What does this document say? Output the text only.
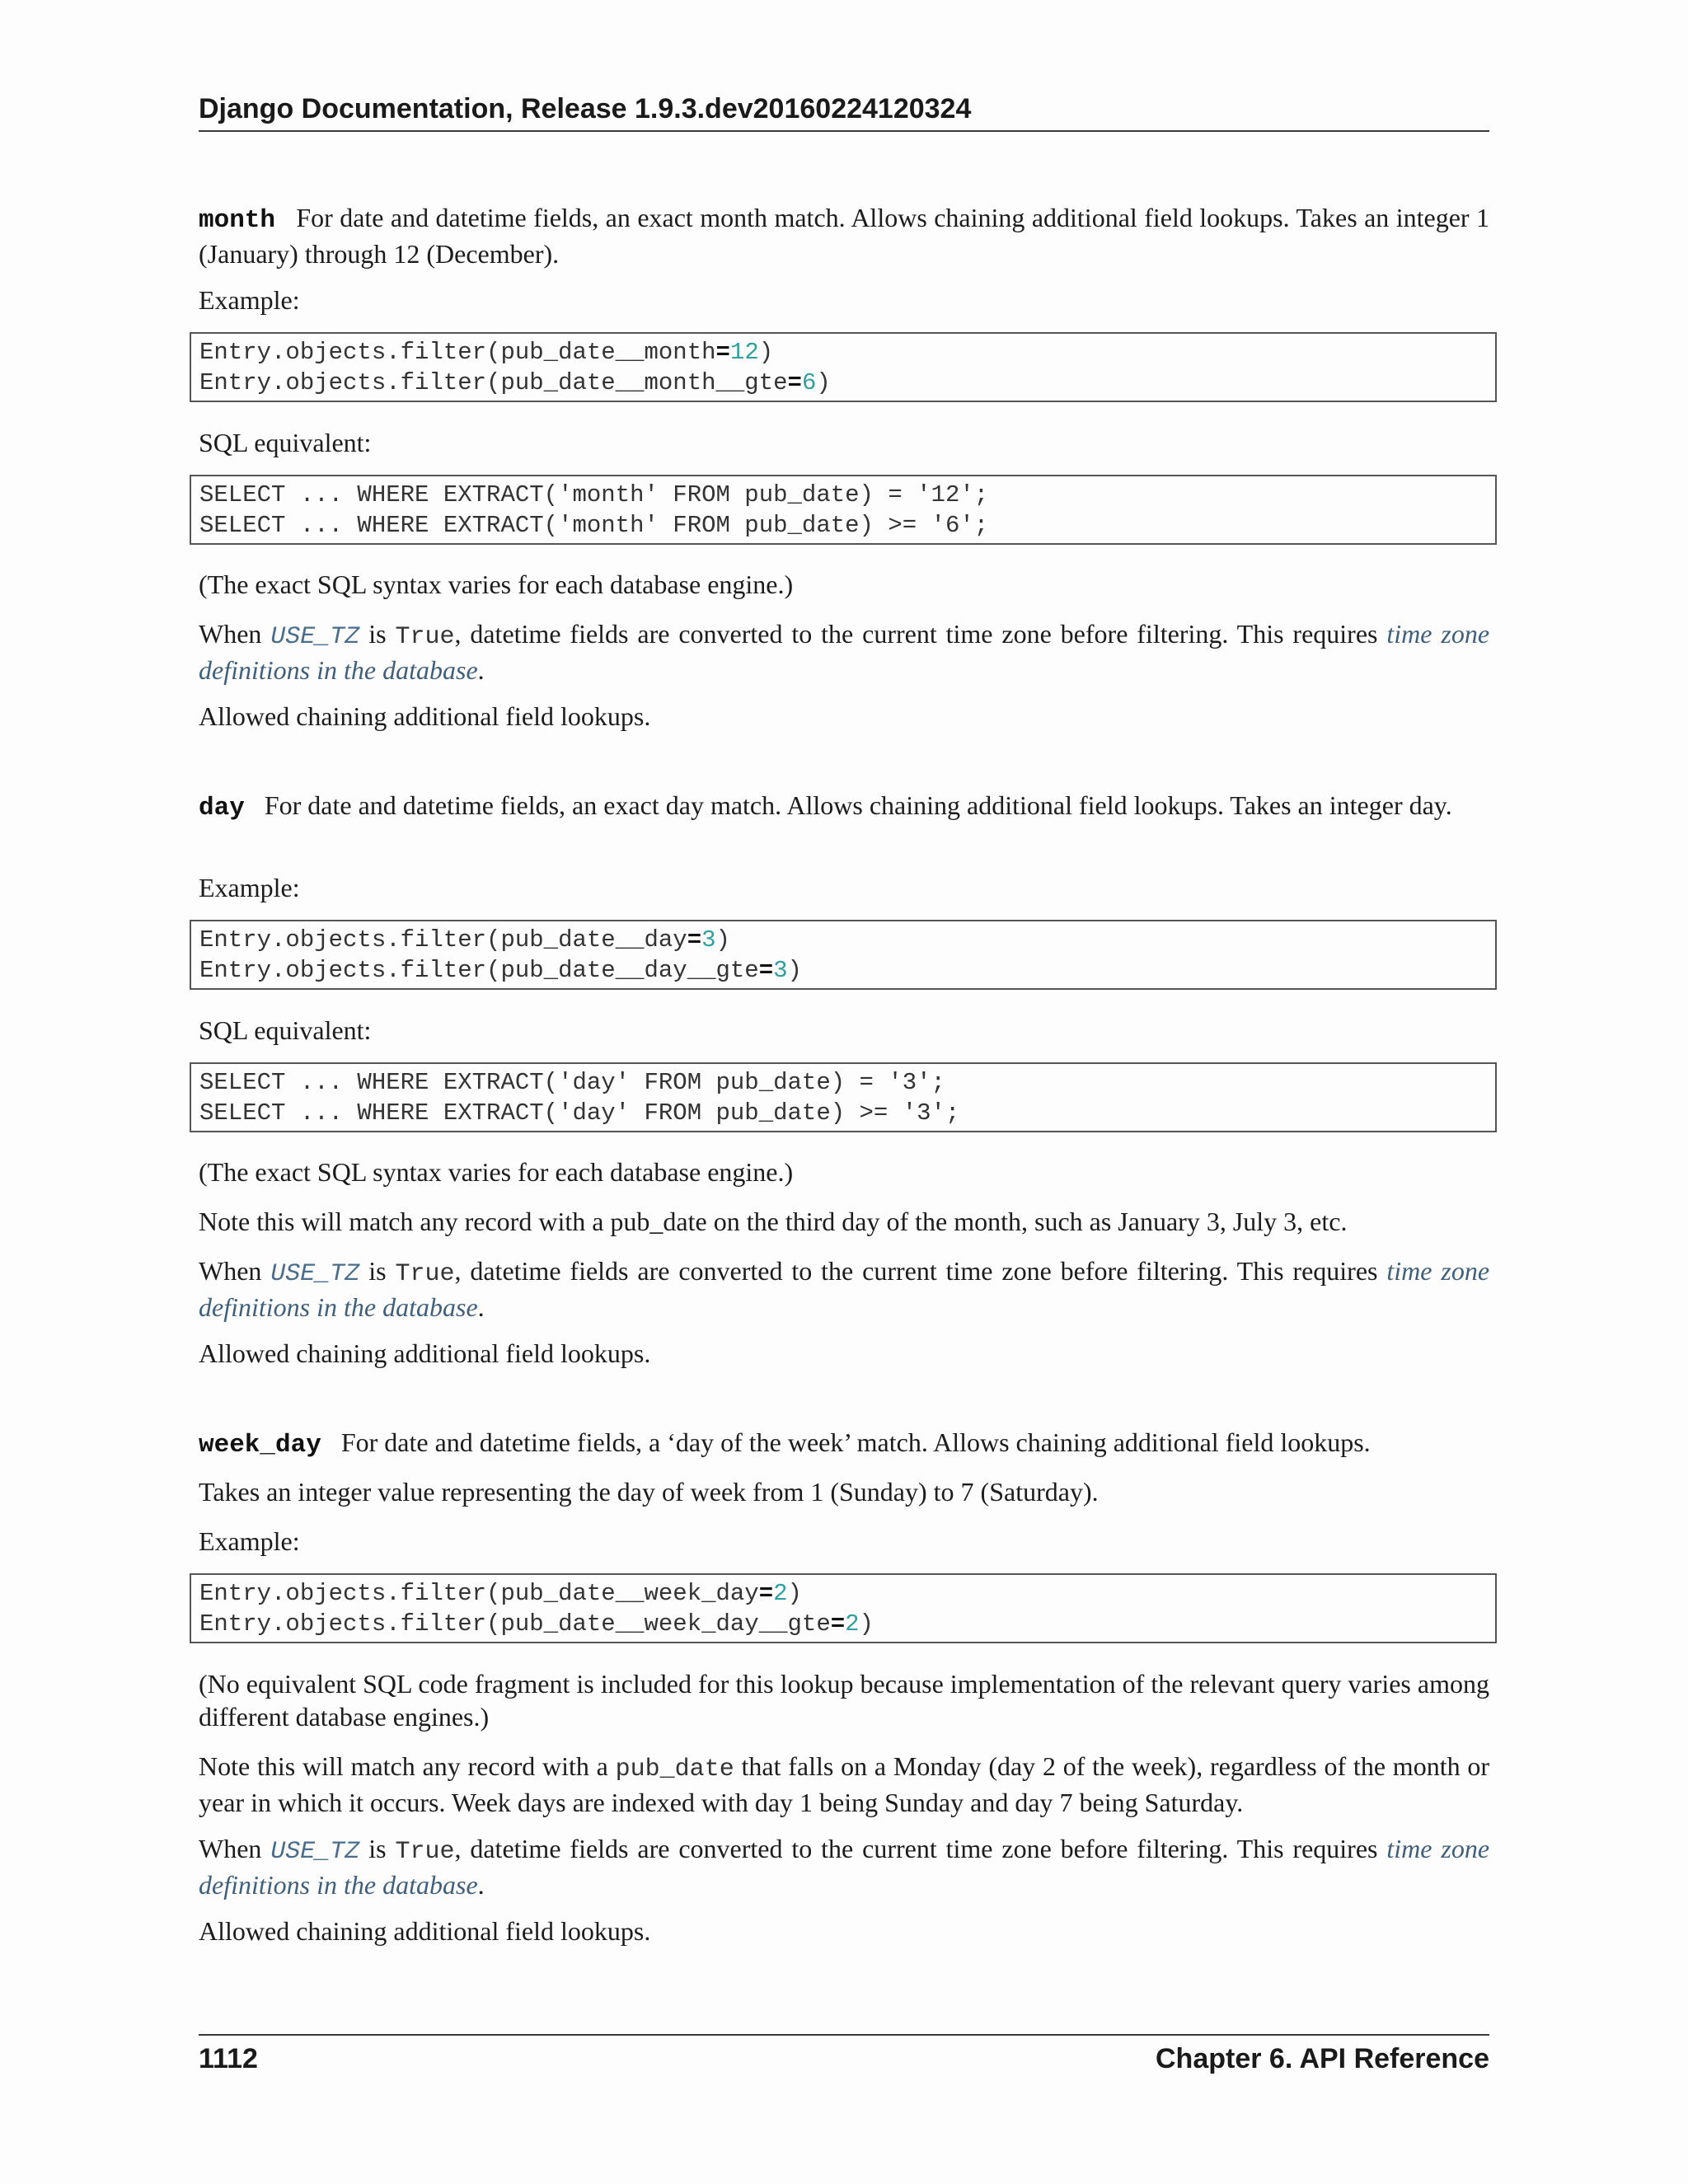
Django Documentation, Release 1.9.3.dev20160224120324

month For date and datetime fields, an exact month match. Allows chaining additional field lookups. Takes an integer 1 (January) through 12 (December).

Example:

Entry.objects.filter(pub_date__month=12)
Entry.objects.filter(pub_date__month__gte=6)

SQL equivalent:

SELECT ... WHERE EXTRACT('month' FROM pub_date) = '12';
SELECT ... WHERE EXTRACT('month' FROM pub_date) >= '6';

(The exact SQL syntax varies for each database engine.)

When USE_TZ is True, datetime fields are converted to the current time zone before filtering. This requires time zone definitions in the database.

Allowed chaining additional field lookups.

day For date and datetime fields, an exact day match. Allows chaining additional field lookups. Takes an integer day.

Example:

Entry.objects.filter(pub_date__day=3)
Entry.objects.filter(pub_date__day__gte=3)

SQL equivalent:

SELECT ... WHERE EXTRACT('day' FROM pub_date) = '3';
SELECT ... WHERE EXTRACT('day' FROM pub_date) >= '3';

(The exact SQL syntax varies for each database engine.)

Note this will match any record with a pub_date on the third day of the month, such as January 3, July 3, etc.

When USE_TZ is True, datetime fields are converted to the current time zone before filtering. This requires time zone definitions in the database.

Allowed chaining additional field lookups.

week_day For date and datetime fields, a ‘day of the week’ match. Allows chaining additional field lookups.

Takes an integer value representing the day of week from 1 (Sunday) to 7 (Saturday).

Example:

Entry.objects.filter(pub_date__week_day=2)
Entry.objects.filter(pub_date__week_day__gte=2)

(No equivalent SQL code fragment is included for this lookup because implementation of the relevant query varies among different database engines.)

Note this will match any record with a pub_date that falls on a Monday (day 2 of the week), regardless of the month or year in which it occurs. Week days are indexed with day 1 being Sunday and day 7 being Saturday.

When USE_TZ is True, datetime fields are converted to the current time zone before filtering. This requires time zone definitions in the database.

Allowed chaining additional field lookups.

1112	Chapter 6. API Reference
